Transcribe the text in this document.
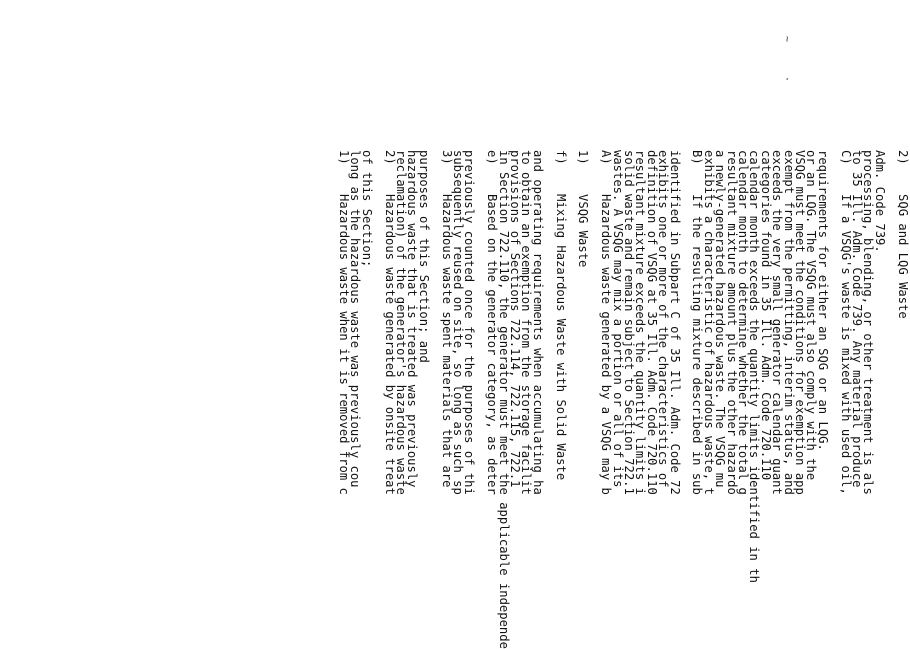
1)    Hazardous waste when it is removed from c
long as the hazardous waste was previously cou
of this Section; 2)    Hazardous waste generated by onsite treat
reclamation) of the generator's hazardous waste
hazardous waste that is treated was previously
purposes of this Section; and 3)    Hazardous waste spent materials that are
subsequently reused on site, so long as such sp
previously counted once for the purposes of thi e)    Based on the generator category, as deter
in Section 722.110, the generator must meet the applicable independe
provisions of Sections 722.114, 722.115, 722.1
to obtain an exemption from the storage facilit
and operating requirements when accumulating ha f)    Mixing Hazardous Waste with Solid Waste 1)    VSQG Waste A)    Hazardous waste generated by a VSQG may b
wastes. A VSQG may mix a portion or all of its
solid waste and remain subject to Section 722.1
resultant mixture exceeds the quantity limits i
definition of VSQG at 35 Ill. Adm. Code 720.110
exhibits one or more of the characteristics of
identified in Subpart C of 35 Ill. Adm. Code 72 B)    If the resulting mixture described in sub
exhibits a characteristic of hazardous waste, t
a newly-generated hazardous waste. The VSQG mu
resultant mixture amount plus the other hazardo
calendar month to determine whether the total g
calendar month exceeds the quantity limits identified in th
categories found in 35 Ill. Adm. Code 720.110
exceeds the very small generator calendar quant
exempt from the permitting, interim status, and
VSQG must meet the conditions for exemption app
or an LQG. The VSQG must also comply with the
requirements for either an SQG or an LQG. C)    If a VSQG's waste is mixed with used oil,
to 35 Ill. Adm. Code 739. Any material produce
processing, blending, or other treatment is als
Adm. Code 739. 2)    SQG and LQG Waste
~
·
